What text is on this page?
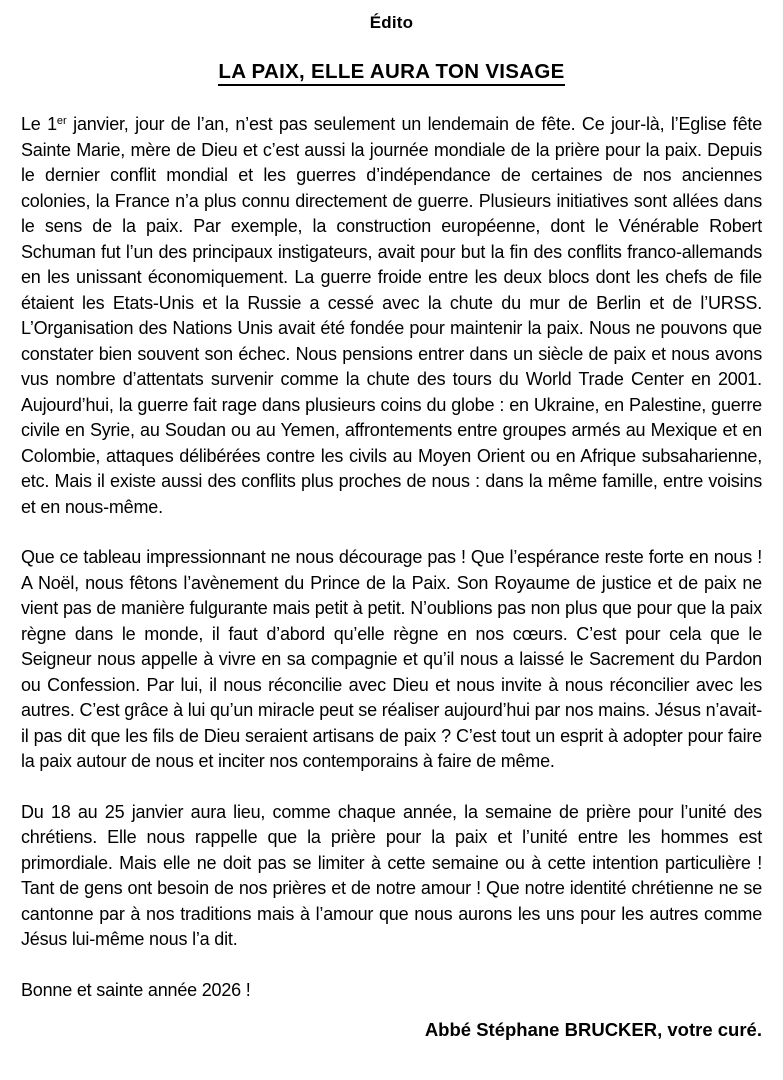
Édito

LA PAIX, ELLE AURA TON VISAGE

Le 1er janvier, jour de l’an, n’est pas seulement un lendemain de fête. Ce jour-là, l’Eglise fête Sainte Marie, mère de Dieu et c’est aussi la journée mondiale de la prière pour la paix. Depuis le dernier conflit mondial et les guerres d’indépendance de certaines de nos anciennes colonies, la France n’a plus connu directement de guerre. Plusieurs initiatives sont allées dans le sens de la paix. Par exemple, la construction européenne, dont le Vénérable Robert Schuman fut l’un des principaux instigateurs, avait pour but la fin des conflits franco-allemands en les unissant économiquement. La guerre froide entre les deux blocs dont les chefs de file étaient les Etats-Unis et la Russie a cessé avec la chute du mur de Berlin et de l’URSS. L’Organisation des Nations Unis avait été fondée pour maintenir la paix. Nous ne pouvons que constater bien souvent son échec. Nous pensions entrer dans un siècle de paix et nous avons vus nombre d’attentats survenir comme la chute des tours du World Trade Center en 2001. Aujourd’hui, la guerre fait rage dans plusieurs coins du globe : en Ukraine, en Palestine, guerre civile en Syrie, au Soudan ou au Yemen, affrontements entre groupes armés au Mexique et en Colombie, attaques délibérées contre les civils au Moyen Orient ou en Afrique subsaharienne, etc. Mais il existe aussi des conflits plus proches de nous : dans la même famille, entre voisins et en nous-même.

Que ce tableau impressionnant ne nous décourage pas ! Que l’espérance reste forte en nous ! A Noël, nous fêtons l’avènement du Prince de la Paix. Son Royaume de justice et de paix ne vient pas de manière fulgurante mais petit à petit. N’oublions pas non plus que pour que la paix règne dans le monde, il faut d’abord qu’elle règne en nos cœurs. C’est pour cela que le Seigneur nous appelle à vivre en sa compagnie et qu’il nous a laissé le Sacrement du Pardon ou Confession. Par lui, il nous réconcilie avec Dieu et nous invite à nous réconcilier avec les autres. C’est grâce à lui qu’un miracle peut se réaliser aujourd’hui par nos mains. Jésus n’avait-il pas dit que les fils de Dieu seraient artisans de paix ? C’est tout un esprit à adopter pour faire la paix autour de nous et inciter nos contemporains à faire de même.

Du 18 au 25 janvier aura lieu, comme chaque année, la semaine de prière pour l’unité des chrétiens. Elle nous rappelle que la prière pour la paix et l’unité entre les hommes est primordiale. Mais elle ne doit pas se limiter à cette semaine ou à cette intention particulière ! Tant de gens ont besoin de nos prières et de notre amour ! Que notre identité chrétienne ne se cantonne par à nos traditions mais à l’amour que nous aurons les uns pour les autres comme Jésus lui-même nous l’a dit.

Bonne et sainte année 2026 !

Abbé Stéphane BRUCKER, votre curé.
